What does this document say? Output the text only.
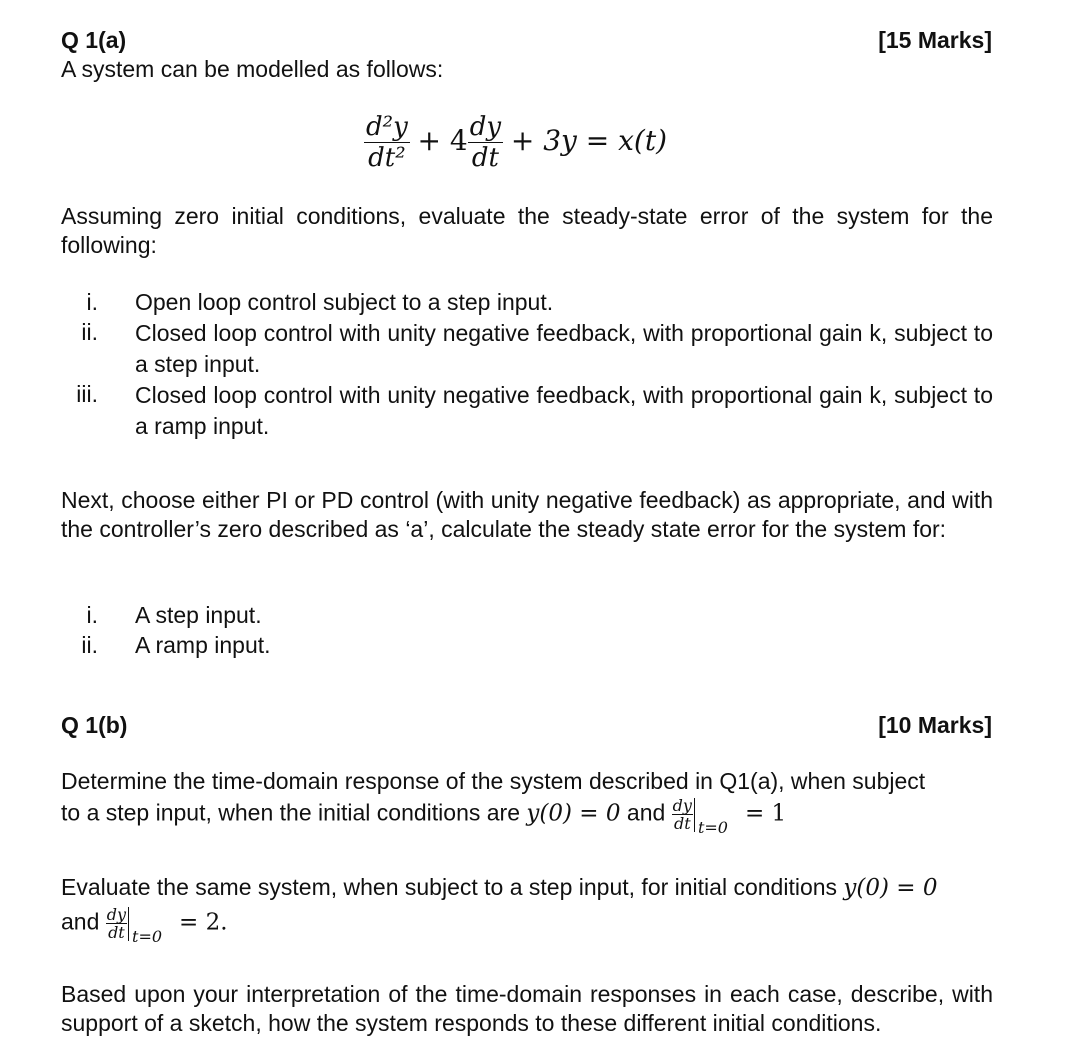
Q 1(a)	[15 Marks]
A system can be modelled as follows:
$\frac{\text{d²y}}{\text{dt²}} + 4 \frac{dy}{dt} + 3y = x(t)$
Assuming zero initial conditions, evaluate the steady-state error of the system for the following:
i. Open loop control subject to a step input.
ii. Closed loop control with unity negative feedback, with proportional gain k, subject to a step input.
iii. Closed loop control with unity negative feedback, with proportional gain k, subject to a ramp input.
Next, choose either PI or PD control (with unity negative feedback) as appropriate, and with the controller’s zero described as ‘a’, calculate the steady state error for the system for:
i. A step input.
ii. A ramp input.
Q 1(b)	[10 Marks]
Determine the time-domain response of the system described in Q1(a), when subject
to a step input, when the initial conditions are y(0) = 0 and $\frac{dy}{dt} t=0$
= 1
Evaluate the same system, when subject to a step input, for initial conditions y(0) = 0
and $\frac{dy}{dt} t=0$
= 2.
Based upon your interpretation of the time-domain responses in each case, describe, with support of a sketch, how the system responds to these different initial conditions.
